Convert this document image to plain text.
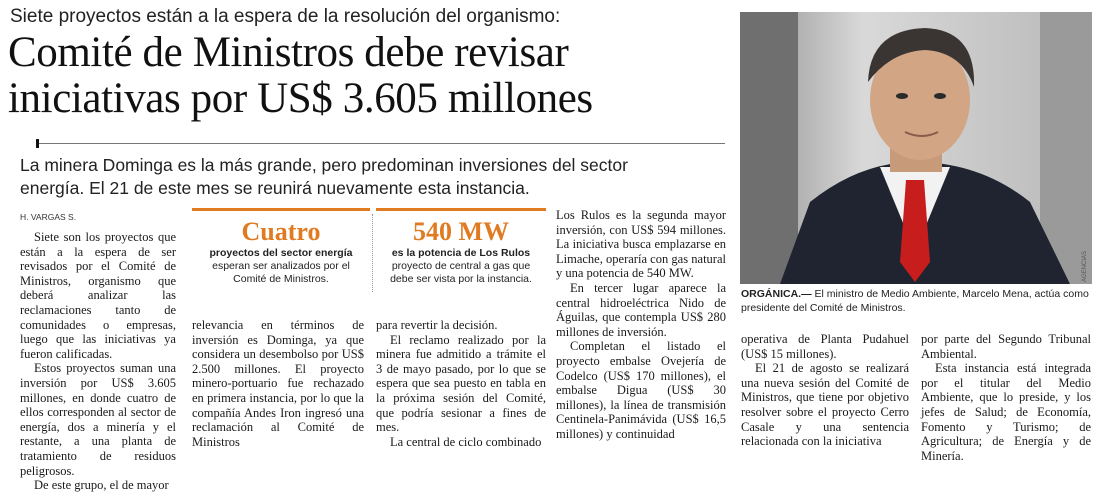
Siete proyectos están a la espera de la resolución del organismo:
Comité de Ministros debe revisar
iniciativas por US$ 3.605 millones
La minera Dominga es la más grande, pero predominan inversiones del sector
energía. El 21 de este mes se reunirá nuevamente esta instancia.
H. VARGAS S.

Siete son los proyectos que están a la espera de ser revisados por el Comité de Ministros, organismo que deberá analizar las reclamaciones tanto de comunidades o empresas, luego que las iniciativas ya fueron calificadas.

Estos proyectos suman una inversión por US$ 3.605 millones, en donde cuatro de ellos corresponden al sector de energía, dos a minería y el restante, a una planta de tratamiento de residuos peligrosos.

De este grupo, el de mayor

Cuatro
proyectos del sector energía
esperan ser analizados por el Comité de Ministros.
540 MW
es la potencia de Los Rulos
proyecto de central a gas que debe ser vista por la instancia.

relevancia en términos de inversión es Dominga, ya que considera un desembolso por US$ 2.500 millones. El proyecto minero-portuario fue rechazado en primera instancia, por lo que la compañía Andes Iron ingresó una reclamación al Comité de Ministros

para revertir la decisión.

El reclamo realizado por la minera fue admitido a trámite el 3 de mayo pasado, por lo que se espera que sea puesto en tabla en la próxima sesión del Comité, que podría sesionar a fines de mes.

La central de ciclo combinado

Los Rulos es la segunda mayor inversión, con US$ 594 millones. La iniciativa busca emplazarse en Limache, operaría con gas natural y una potencia de 540 MW.

En tercer lugar aparece la central hidroeléctrica Nido de Águilas, que contempla US$ 280 millones de inversión.

Completan el listado el proyecto embalse Ovejería de Codelco (US$ 170 millones), el embalse Digua (US$ 30 millones), la línea de transmisión Centinela-Panimávida (US$ 16,5 millones) y continuidad

operativa de Planta Pudahuel (US$ 15 millones).

El 21 de agosto se realizará una nueva sesión del Comité de Ministros, que tiene por objetivo resolver sobre el proyecto Cerro Casale y una sentencia relacionada con la iniciativa

por parte del Segundo Tribunal Ambiental.

Esta instancia está integrada por el titular del Medio Ambiente, que lo preside, y los jefes de Salud; de Economía, Fomento y Turismo; de Agricultura; de Energía y de Minería.

AGENCIAS
ORGÁNICA.— El ministro de Medio Ambiente, Marcelo Mena, actúa como presidente del Comité de Ministros.
